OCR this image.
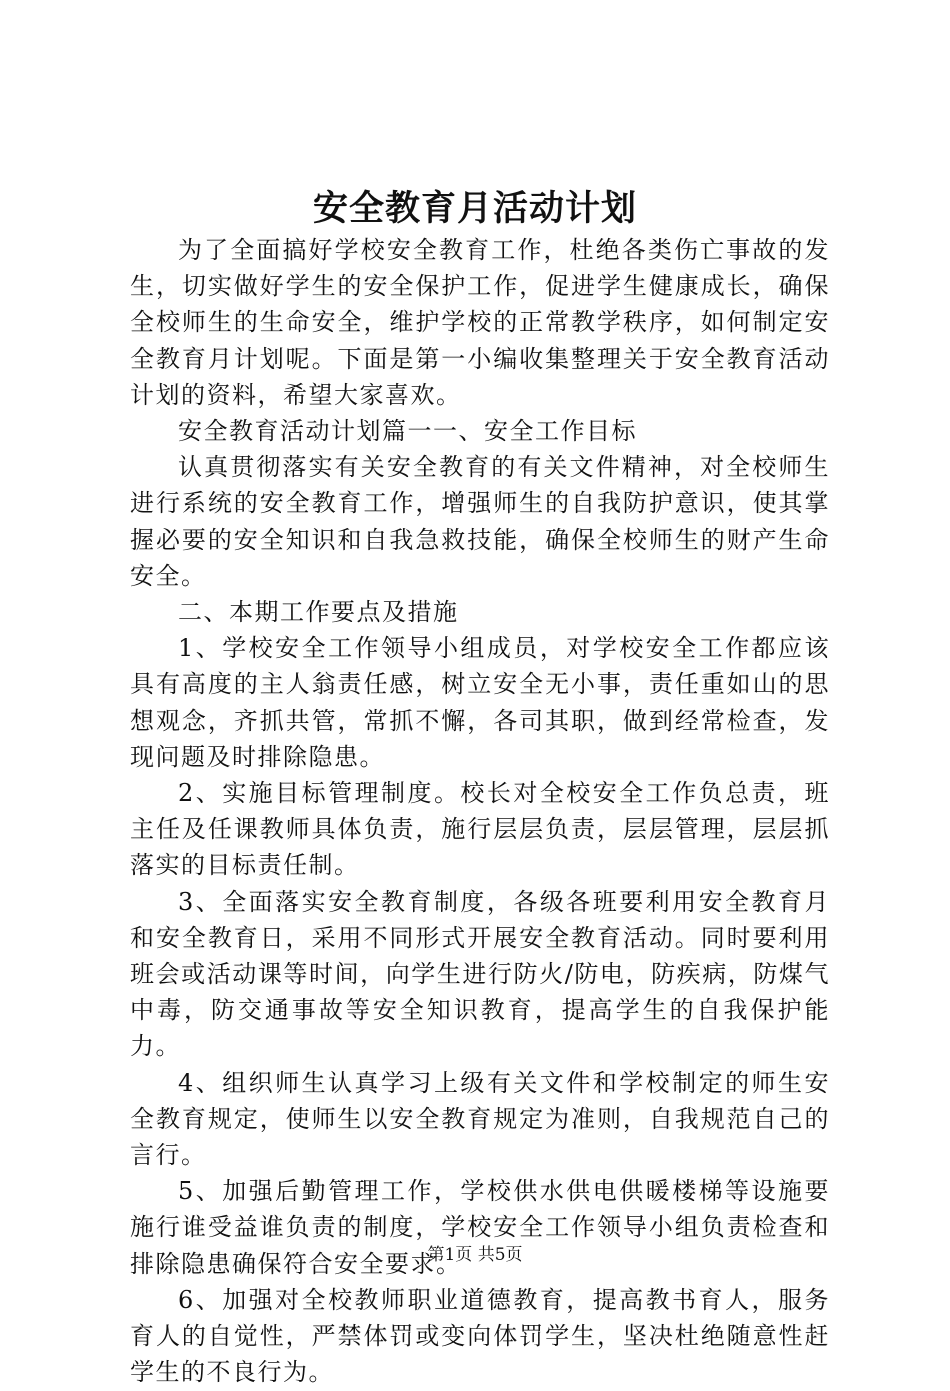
安全教育月活动计划

为了全面搞好学校安全教育工作，杜绝各类伤亡事故的发生，切实做好学生的安全保护工作，促进学生健康成长，确保全校师生的生命安全，维护学校的正常教学秩序，如何制定安全教育月计划呢。下面是第一小编收集整理关于安全教育活动计划的资料，希望大家喜欢。

安全教育活动计划篇一一、安全工作目标

认真贯彻落实有关安全教育的有关文件精神，对全校师生进行系统的安全教育工作，增强师生的自我防护意识，使其掌握必要的安全知识和自我急救技能，确保全校师生的财产生命安全。

二、本期工作要点及措施

1、学校安全工作领导小组成员，对学校安全工作都应该具有高度的主人翁责任感，树立安全无小事，责任重如山的思想观念，齐抓共管，常抓不懈，各司其职，做到经常检查，发现问题及时排除隐患。

2、实施目标管理制度。校长对全校安全工作负总责，班主任及任课教师具体负责，施行层层负责，层层管理，层层抓落实的目标责任制。

3、全面落实安全教育制度，各级各班要利用安全教育月和安全教育日，采用不同形式开展安全教育活动。同时要利用班会或活动课等时间，向学生进行防火/防电，防疾病，防煤气中毒，防交通事故等安全知识教育，提高学生的自我保护能力。

4、组织师生认真学习上级有关文件和学校制定的师生安全教育规定，使师生以安全教育规定为准则，自我规范自己的言行。

5、加强后勤管理工作，学校供水供电供暖楼梯等设施要施行谁受益谁负责的制度，学校安全工作领导小组负责检查和排除隐患确保符合安全要求。

6、加强对全校教师职业道德教育，提高教书育人，服务育人的自觉性，严禁体罚或变向体罚学生，坚决杜绝随意性赶学生的不良行为。

第1页 共5页
